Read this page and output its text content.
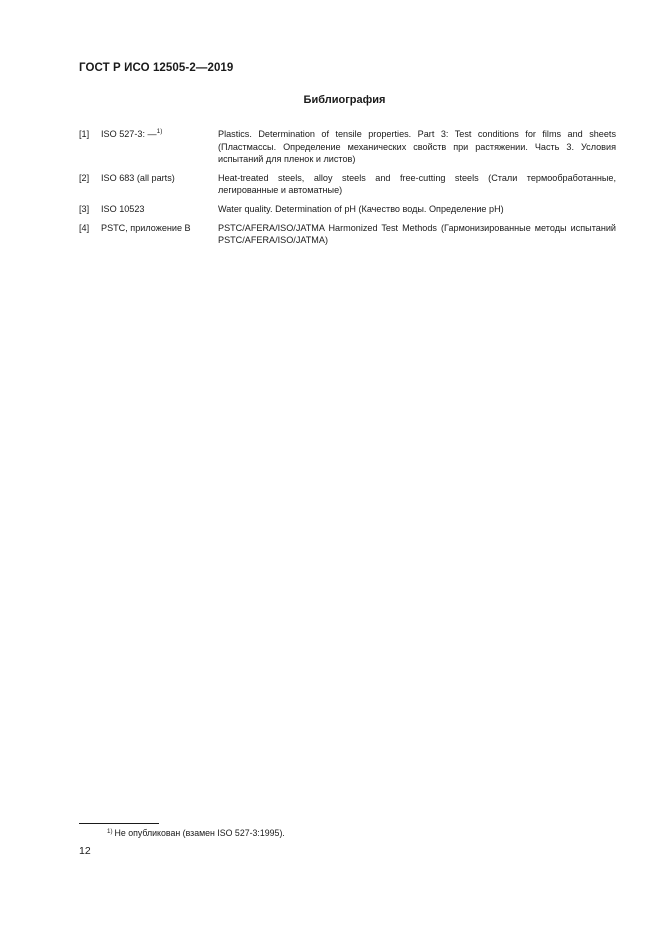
ГОСТ Р ИСО 12505-2—2019
Библиография
[1]	ISO 527-3: —$^{1)}$	Plastics. Determination of tensile properties. Part 3: Test conditions for films and sheets (Пластмассы. Определение механических свойств при растяжении. Часть 3. Условия испытаний для пленок и листов)
[2]	ISO 683 (all parts)	Heat-treated steels, alloy steels and free-cutting steels (Стали термообработанные, легированные и автоматные)
[3]	ISO 10523	Water quality. Determination of pH (Качество воды. Определение pH)
[4]	PSTC, приложение B	PSTC/AFERA/ISO/JATMA Harmonized Test Methods (Гармонизированные методы испытаний PSTC/AFERA/ISO/JATMA)
$^{1)}$ Не опубликован (взамен ISO 527-3:1995).
12
